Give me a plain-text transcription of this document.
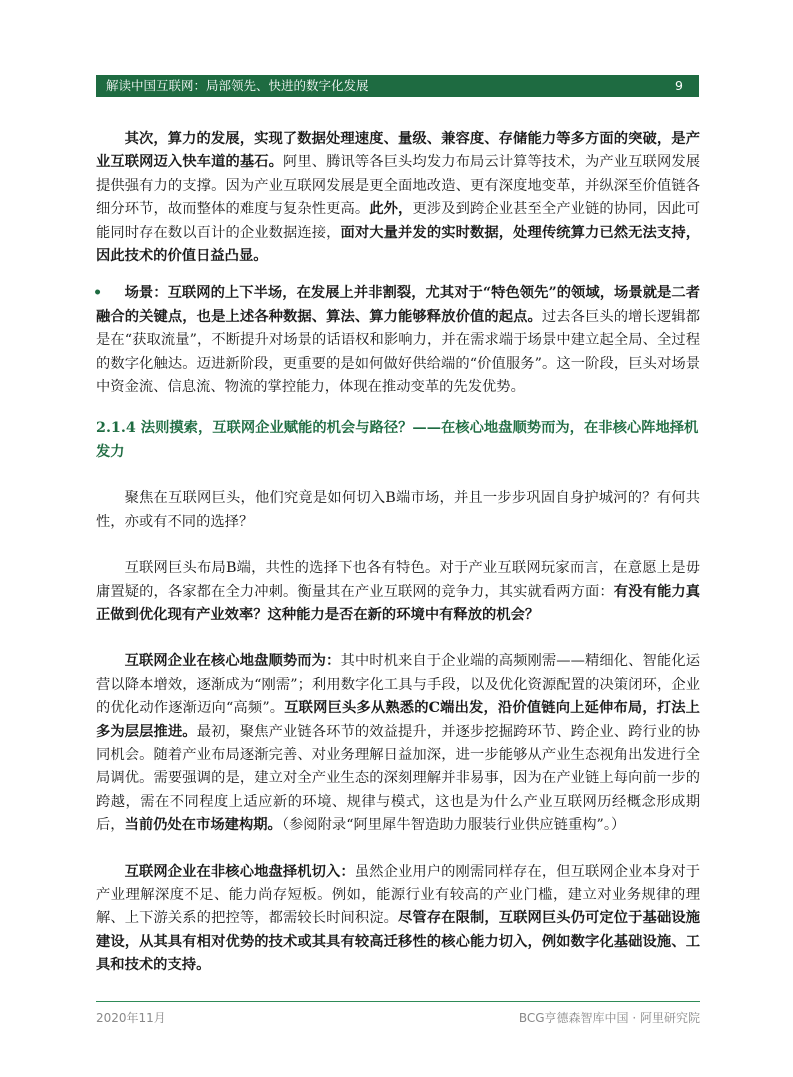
解读中国互联网：局部领先、快进的数字化发展	9

其次，算力的发展，实现了数据处理速度、量级、兼容度、存储能力等多方面的突破，是产业互联网迈入快车道的基石。阿里、腾讯等各巨头均发力布局云计算等技术，为产业互联网发展提供强有力的支撑。因为产业互联网发展是更全面地改造、更有深度地变革，并纵深至价值链各细分环节，故而整体的难度与复杂性更高。此外，更涉及到跨企业甚至全产业链的协同，因此可能同时存在数以百计的企业数据连接，面对大量并发的实时数据，处理传统算力已然无法支持，因此技术的价值日益凸显。

•	场景：互联网的上下半场，在发展上并非割裂，尤其对于“特色领先”的领域，场景就是二者融合的关键点，也是上述各种数据、算法、算力能够释放价值的起点。过去各巨头的增长逻辑都是在“获取流量”，不断提升对场景的话语权和影响力，并在需求端于场景中建立起全局、全过程的数字化触达。迈进新阶段，更重要的是如何做好供给端的“价值服务”。这一阶段，巨头对场景中资金流、信息流、物流的掌控能力，体现在推动变革的先发优势。

2.1.4 法则摸索，互联网企业赋能的机会与路径？——在核心地盘顺势而为，在非核心阵地择机发力

聚焦在互联网巨头，他们究竟是如何切入B端市场，并且一步步巩固自身护城河的？有何共性，亦或有不同的选择？

互联网巨头布局B端，共性的选择下也各有特色。对于产业互联网玩家而言，在意愿上是毋庸置疑的，各家都在全力冲刺。衡量其在产业互联网的竞争力，其实就看两方面：有没有能力真正做到优化现有产业效率？这种能力是否在新的环境中有释放的机会？

互联网企业在核心地盘顺势而为：其中时机来自于企业端的高频刚需——精细化、智能化运营以降本增效，逐渐成为“刚需”；利用数字化工具与手段，以及优化资源配置的决策闭环，企业的优化动作逐渐迈向“高频”。互联网巨头多从熟悉的C端出发，沿价值链向上延伸布局，打法上多为层层推进。最初，聚焦产业链各环节的效益提升，并逐步挖掘跨环节、跨企业、跨行业的协同机会。随着产业布局逐渐完善、对业务理解日益加深，进一步能够从产业生态视角出发进行全局调优。需要强调的是，建立对全产业生态的深刻理解并非易事，因为在产业链上每向前一步的跨越，需在不同程度上适应新的环境、规律与模式，这也是为什么产业互联网历经概念形成期后，当前仍处在市场建构期。（参阅附录“阿里犀牛智造助力服装行业供应链重构”。）

互联网企业在非核心地盘择机切入：虽然企业用户的刚需同样存在，但互联网企业本身对于产业理解深度不足、能力尚存短板。例如，能源行业有较高的产业门槛，建立对业务规律的理解、上下游关系的把控等，都需较长时间积淀。尽管存在限制，互联网巨头仍可定位于基础设施建设，从其具有相对优势的技术或其具有较高迁移性的核心能力切入，例如数字化基础设施、工具和技术的支持。

2020年11月	BCG亨德森智库中国 · 阿里研究院
